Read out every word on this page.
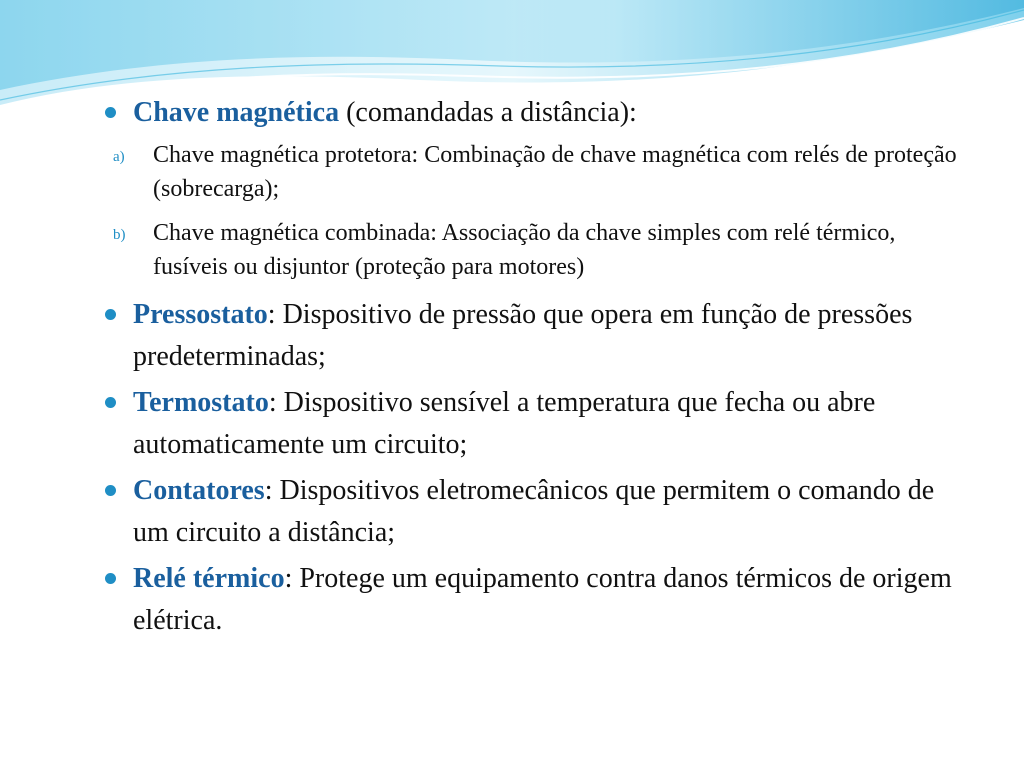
Chave magnética (comandadas a distância):
a) Chave magnética protetora: Combinação de chave magnética com relés de proteção (sobrecarga);
b) Chave magnética combinada: Associação da chave simples com relé térmico, fusíveis ou disjuntor (proteção para motores)
Pressostato: Dispositivo de pressão que opera em função de pressões predeterminadas;
Termostato: Dispositivo sensível a temperatura que fecha ou abre automaticamente um circuito;
Contatores: Dispositivos eletromecânicos que permitem o comando de um circuito a distância;
Relé térmico: Protege um equipamento contra danos térmicos de origem elétrica.
